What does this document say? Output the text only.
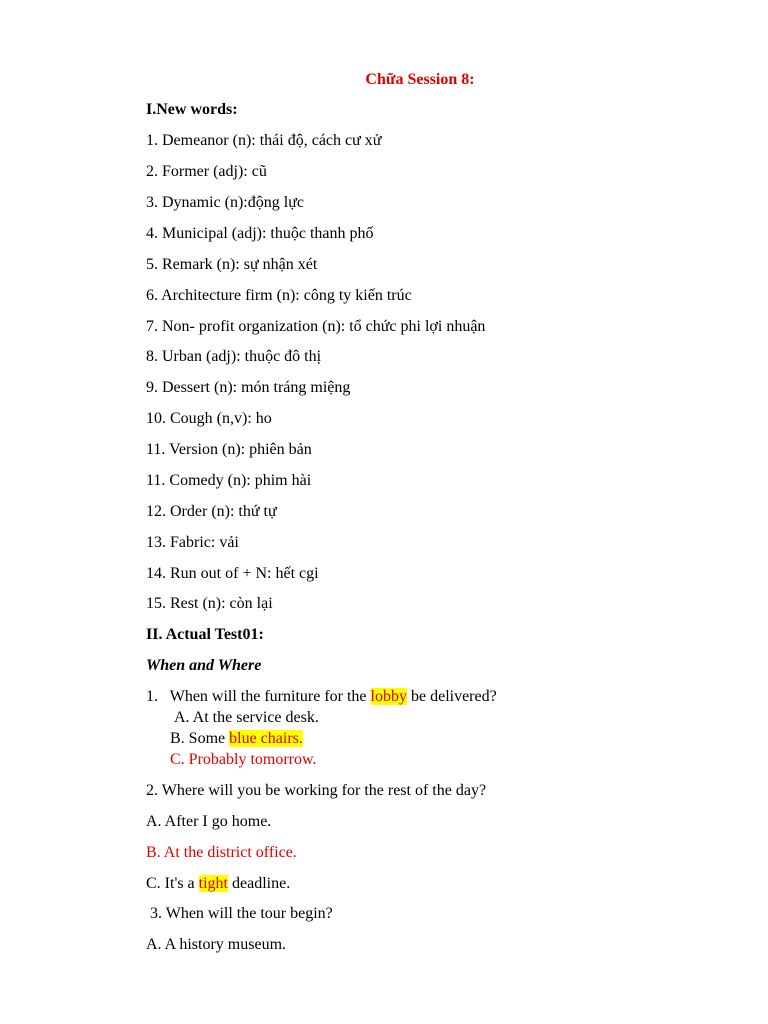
Chữa Session 8:
I.New words:
1. Demeanor (n): thái độ, cách cư xử
2. Former (adj): cũ
3. Dynamic (n):động lực
4. Municipal (adj): thuộc thanh phố
5. Remark (n): sự nhận xét
6. Architecture firm (n): công ty kiến trúc
7. Non- profit organization (n): tổ chức phi lợi nhuận
8. Urban (adj): thuộc đô thị
9. Dessert (n): món tráng miệng
10. Cough (n,v): ho
11. Version (n): phiên bản
11. Comedy (n): phim hài
12. Order (n): thứ tự
13. Fabric: vải
14. Run out of + N: hết cgi
15. Rest (n): còn lại
II. Actual Test01:
When and Where
1.   When will the furniture for the lobby be delivered?
A. At the service desk.
B. Some blue chairs.
C. Probably tomorrow.
2. Where will you be working for the rest of the day?
A. After I go home.
B. At the district office.
C. It's a tight deadline.
3. When will the tour begin?
A. A history museum.
